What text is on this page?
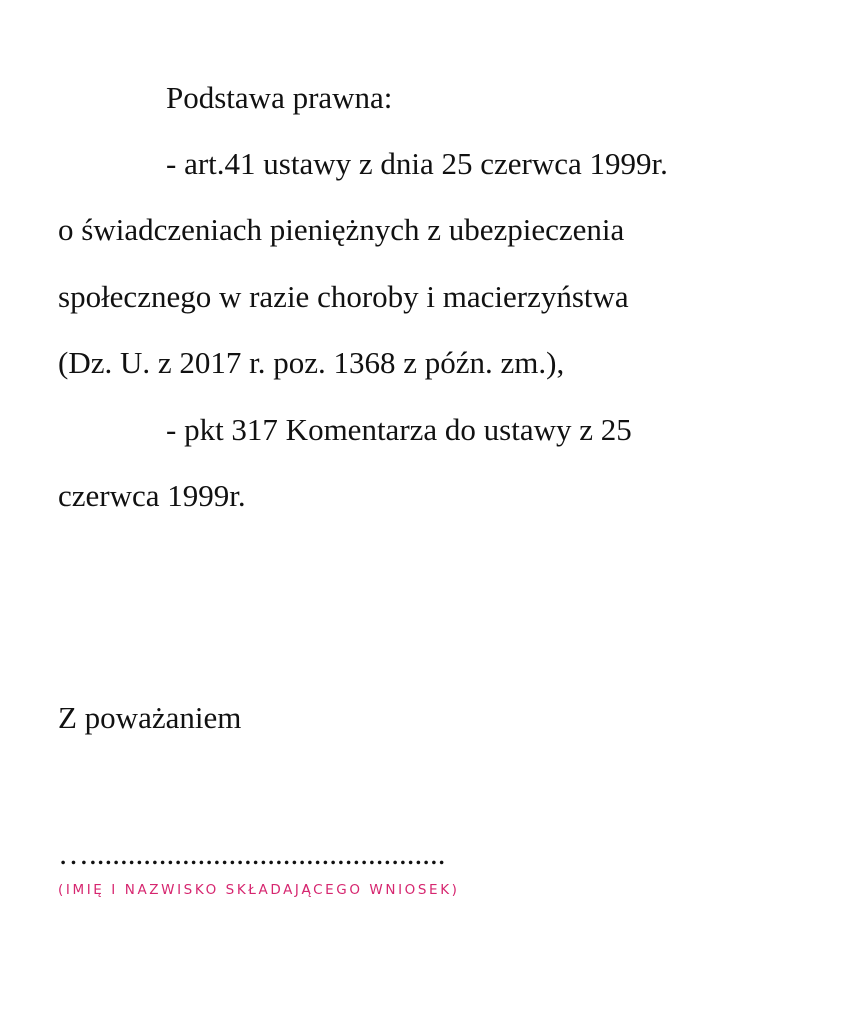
Podstawa prawna:
- art.41 ustawy z dnia 25 czerwca 1999r.
o świadczeniach pieniężnych z ubezpieczenia
społecznego w razie choroby i macierzyństwa
(Dz. U. z 2017 r. poz. 1368 z późn. zm.),
- pkt 317 Komentarza do ustawy z 25
czerwca 1999r.
Z poważaniem
…..............................................
(IMIĘ I NAZWISKO SKŁADAJĄCEGO WNIOSEK)
